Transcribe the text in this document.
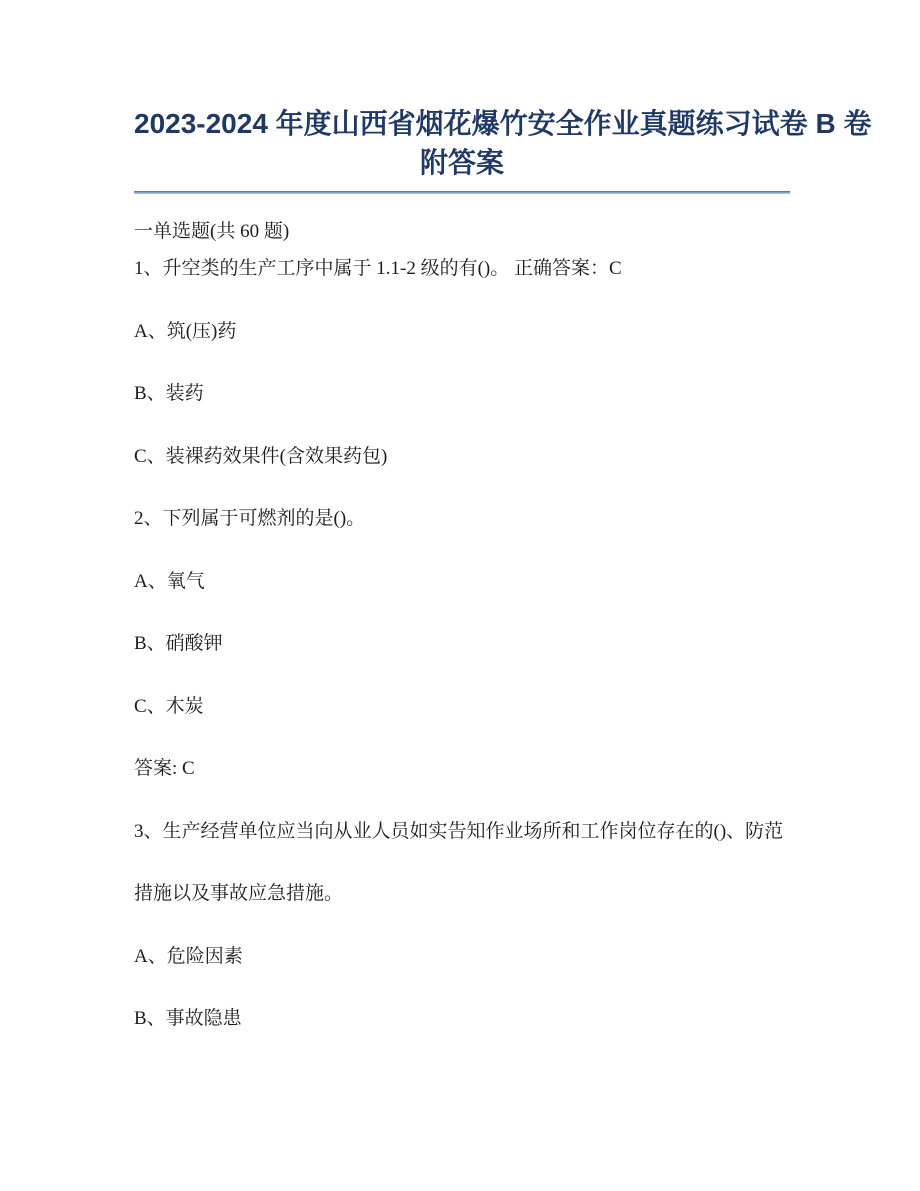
2023-2024 年度山西省烟花爆竹安全作业真题练习试卷 B 卷
附答案

一单选题(共 60 题)

1、升空类的生产工序中属于 1.1-2 级的有()。 正确答案：C

A、筑(压)药

B、装药

C、装裸药效果件(含效果药包)

2、下列属于可燃剂的是()。

A、氧气

B、硝酸钾

C、木炭

答案: C

3、生产经营单位应当向从业人员如实告知作业场所和工作岗位存在的()、防范

措施以及事故应急措施。

A、危险因素

B、事故隐患
